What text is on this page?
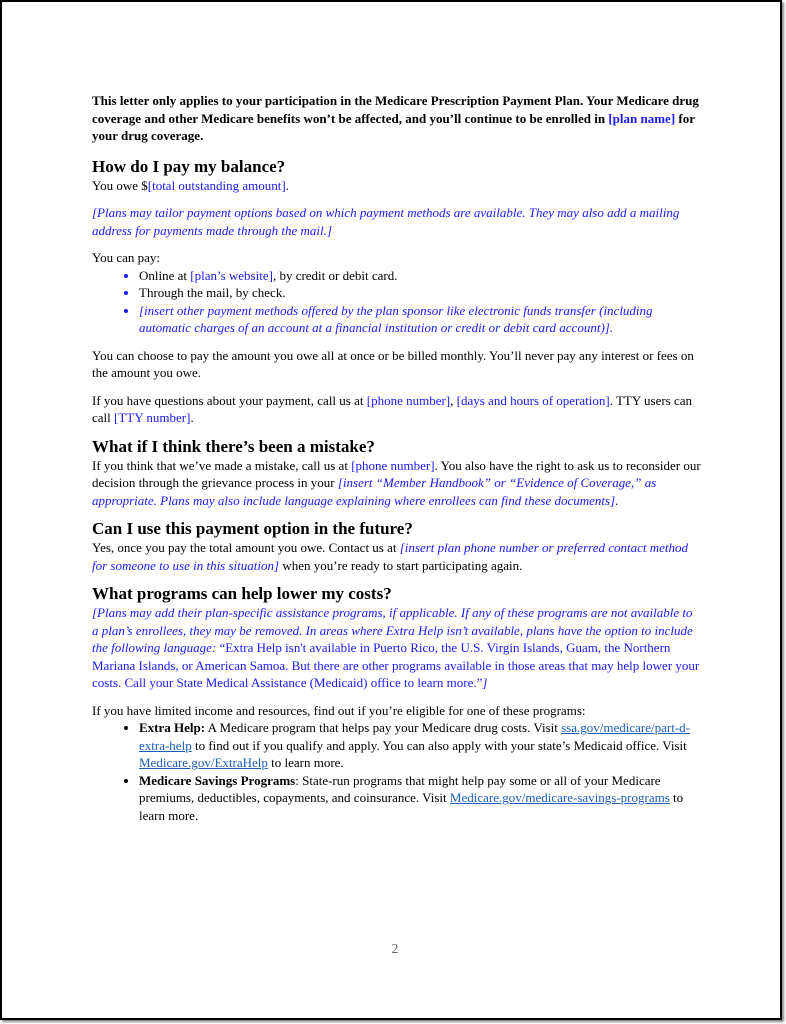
This letter only applies to your participation in the Medicare Prescription Payment Plan. Your Medicare drug coverage and other Medicare benefits won’t be affected, and you’ll continue to be enrolled in [plan name] for your drug coverage.

How do I pay my balance?

You owe $[total outstanding amount].

[Plans may tailor payment options based on which payment methods are available. They may also add a mailing address for payments made through the mail.]

You can pay:

• Online at [plan’s website], by credit or debit card.
• Through the mail, by check.
• [insert other payment methods offered by the plan sponsor like electronic funds transfer (including automatic charges of an account at a financial institution or credit or debit card account)].

You can choose to pay the amount you owe all at once or be billed monthly. You’ll never pay any interest or fees on the amount you owe.

If you have questions about your payment, call us at [phone number], [days and hours of operation]. TTY users can call [TTY number].

What if I think there’s been a mistake?

If you think that we’ve made a mistake, call us at [phone number]. You also have the right to ask us to reconsider our decision through the grievance process in your [insert “Member Handbook” or “Evidence of Coverage,” as appropriate. Plans may also include language explaining where enrollees can find these documents].

Can I use this payment option in the future?

Yes, once you pay the total amount you owe. Contact us at [insert plan phone number or preferred contact method for someone to use in this situation] when you’re ready to start participating again.

What programs can help lower my costs?

[Plans may add their plan-specific assistance programs, if applicable. If any of these programs are not available to a plan’s enrollees, they may be removed. In areas where Extra Help isn’t available, plans have the option to include the following language: “Extra Help isn't available in Puerto Rico, the U.S. Virgin Islands, Guam, the Northern Mariana Islands, or American Samoa. But there are other programs available in those areas that may help lower your costs. Call your State Medical Assistance (Medicaid) office to learn more.”]

If you have limited income and resources, find out if you’re eligible for one of these programs:

• Extra Help: A Medicare program that helps pay your Medicare drug costs. Visit ssa.gov/medicare/part-d-extra-help to find out if you qualify and apply. You can also apply with your state’s Medicaid office. Visit Medicare.gov/ExtraHelp to learn more.
• Medicare Savings Programs: State-run programs that might help pay some or all of your Medicare premiums, deductibles, copayments, and coinsurance. Visit Medicare.gov/medicare-savings-programs to learn more.
2
